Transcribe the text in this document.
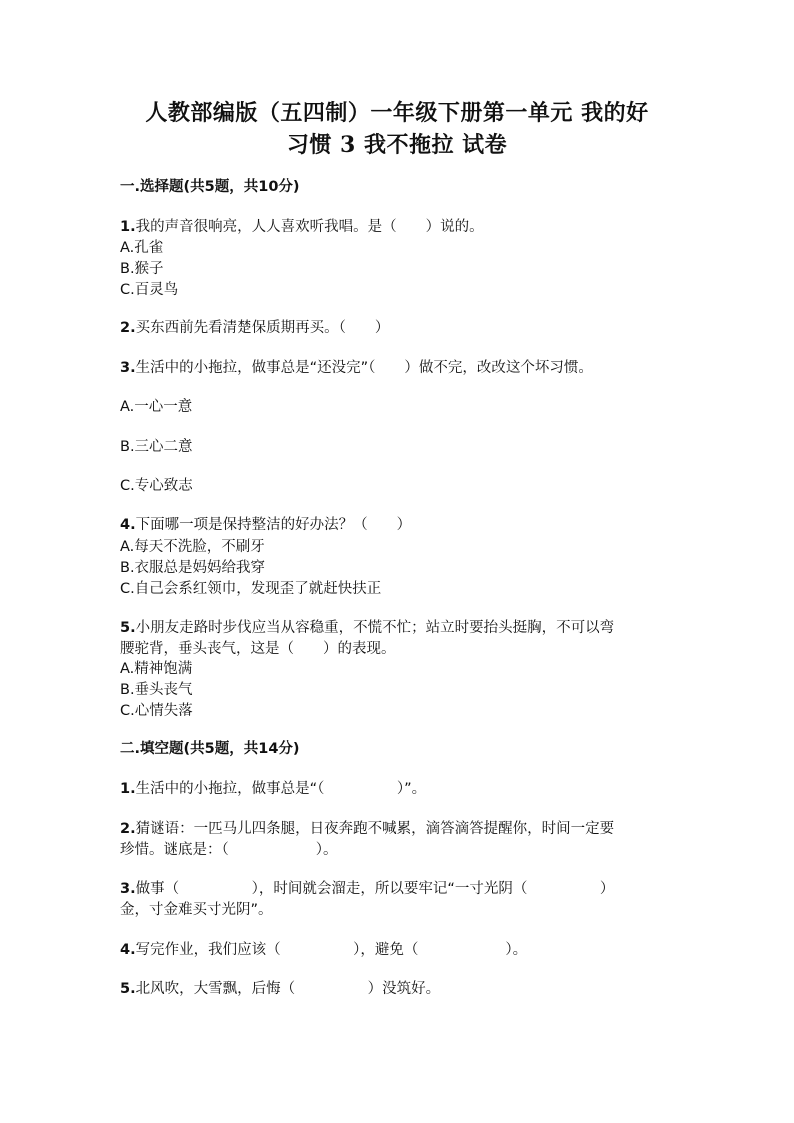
人教部编版（五四制）一年级下册第一单元 我的好
习惯 3 我不拖拉 试卷
一.选择题(共5题，共10分)
1.我的声音很响亮，人人喜欢听我唱。是（　　）说的。
A.孔雀
B.猴子
C.百灵鸟
2.买东西前先看清楚保质期再买。（　　）
3.生活中的小拖拉，做事总是“还没完”（　　）做不完，改改这个坏习惯。
A.一心一意
B.三心二意
C.专心致志
4.下面哪一项是保持整洁的好办法？（　　）
A.每天不洗脸，不刷牙
B.衣服总是妈妈给我穿
C.自己会系红领巾，发现歪了就赶快扶正
5.小朋友走路时步伐应当从容稳重，不慌不忙；站立时要抬头挺胸，不可以弯
腰驼背，垂头丧气，这是（　　）的表现。
A.精神饱满
B.垂头丧气
C.心情失落
二.填空题(共5题，共14分)
1.生活中的小拖拉，做事总是“（　　　　　）”。
2.猜谜语：一匹马儿四条腿，日夜奔跑不喊累，滴答滴答提醒你，时间一定要
珍惜。谜底是：（　　　　　　）。
3.做事（　　　　　），时间就会溜走，所以要牢记“一寸光阴（　　　　　）
金，寸金难买寸光阴”。
4.写完作业，我们应该（　　　　　），避免（　　　　　　）。
5.北风吹，大雪飘，后悔（　　　　　）没筑好。
